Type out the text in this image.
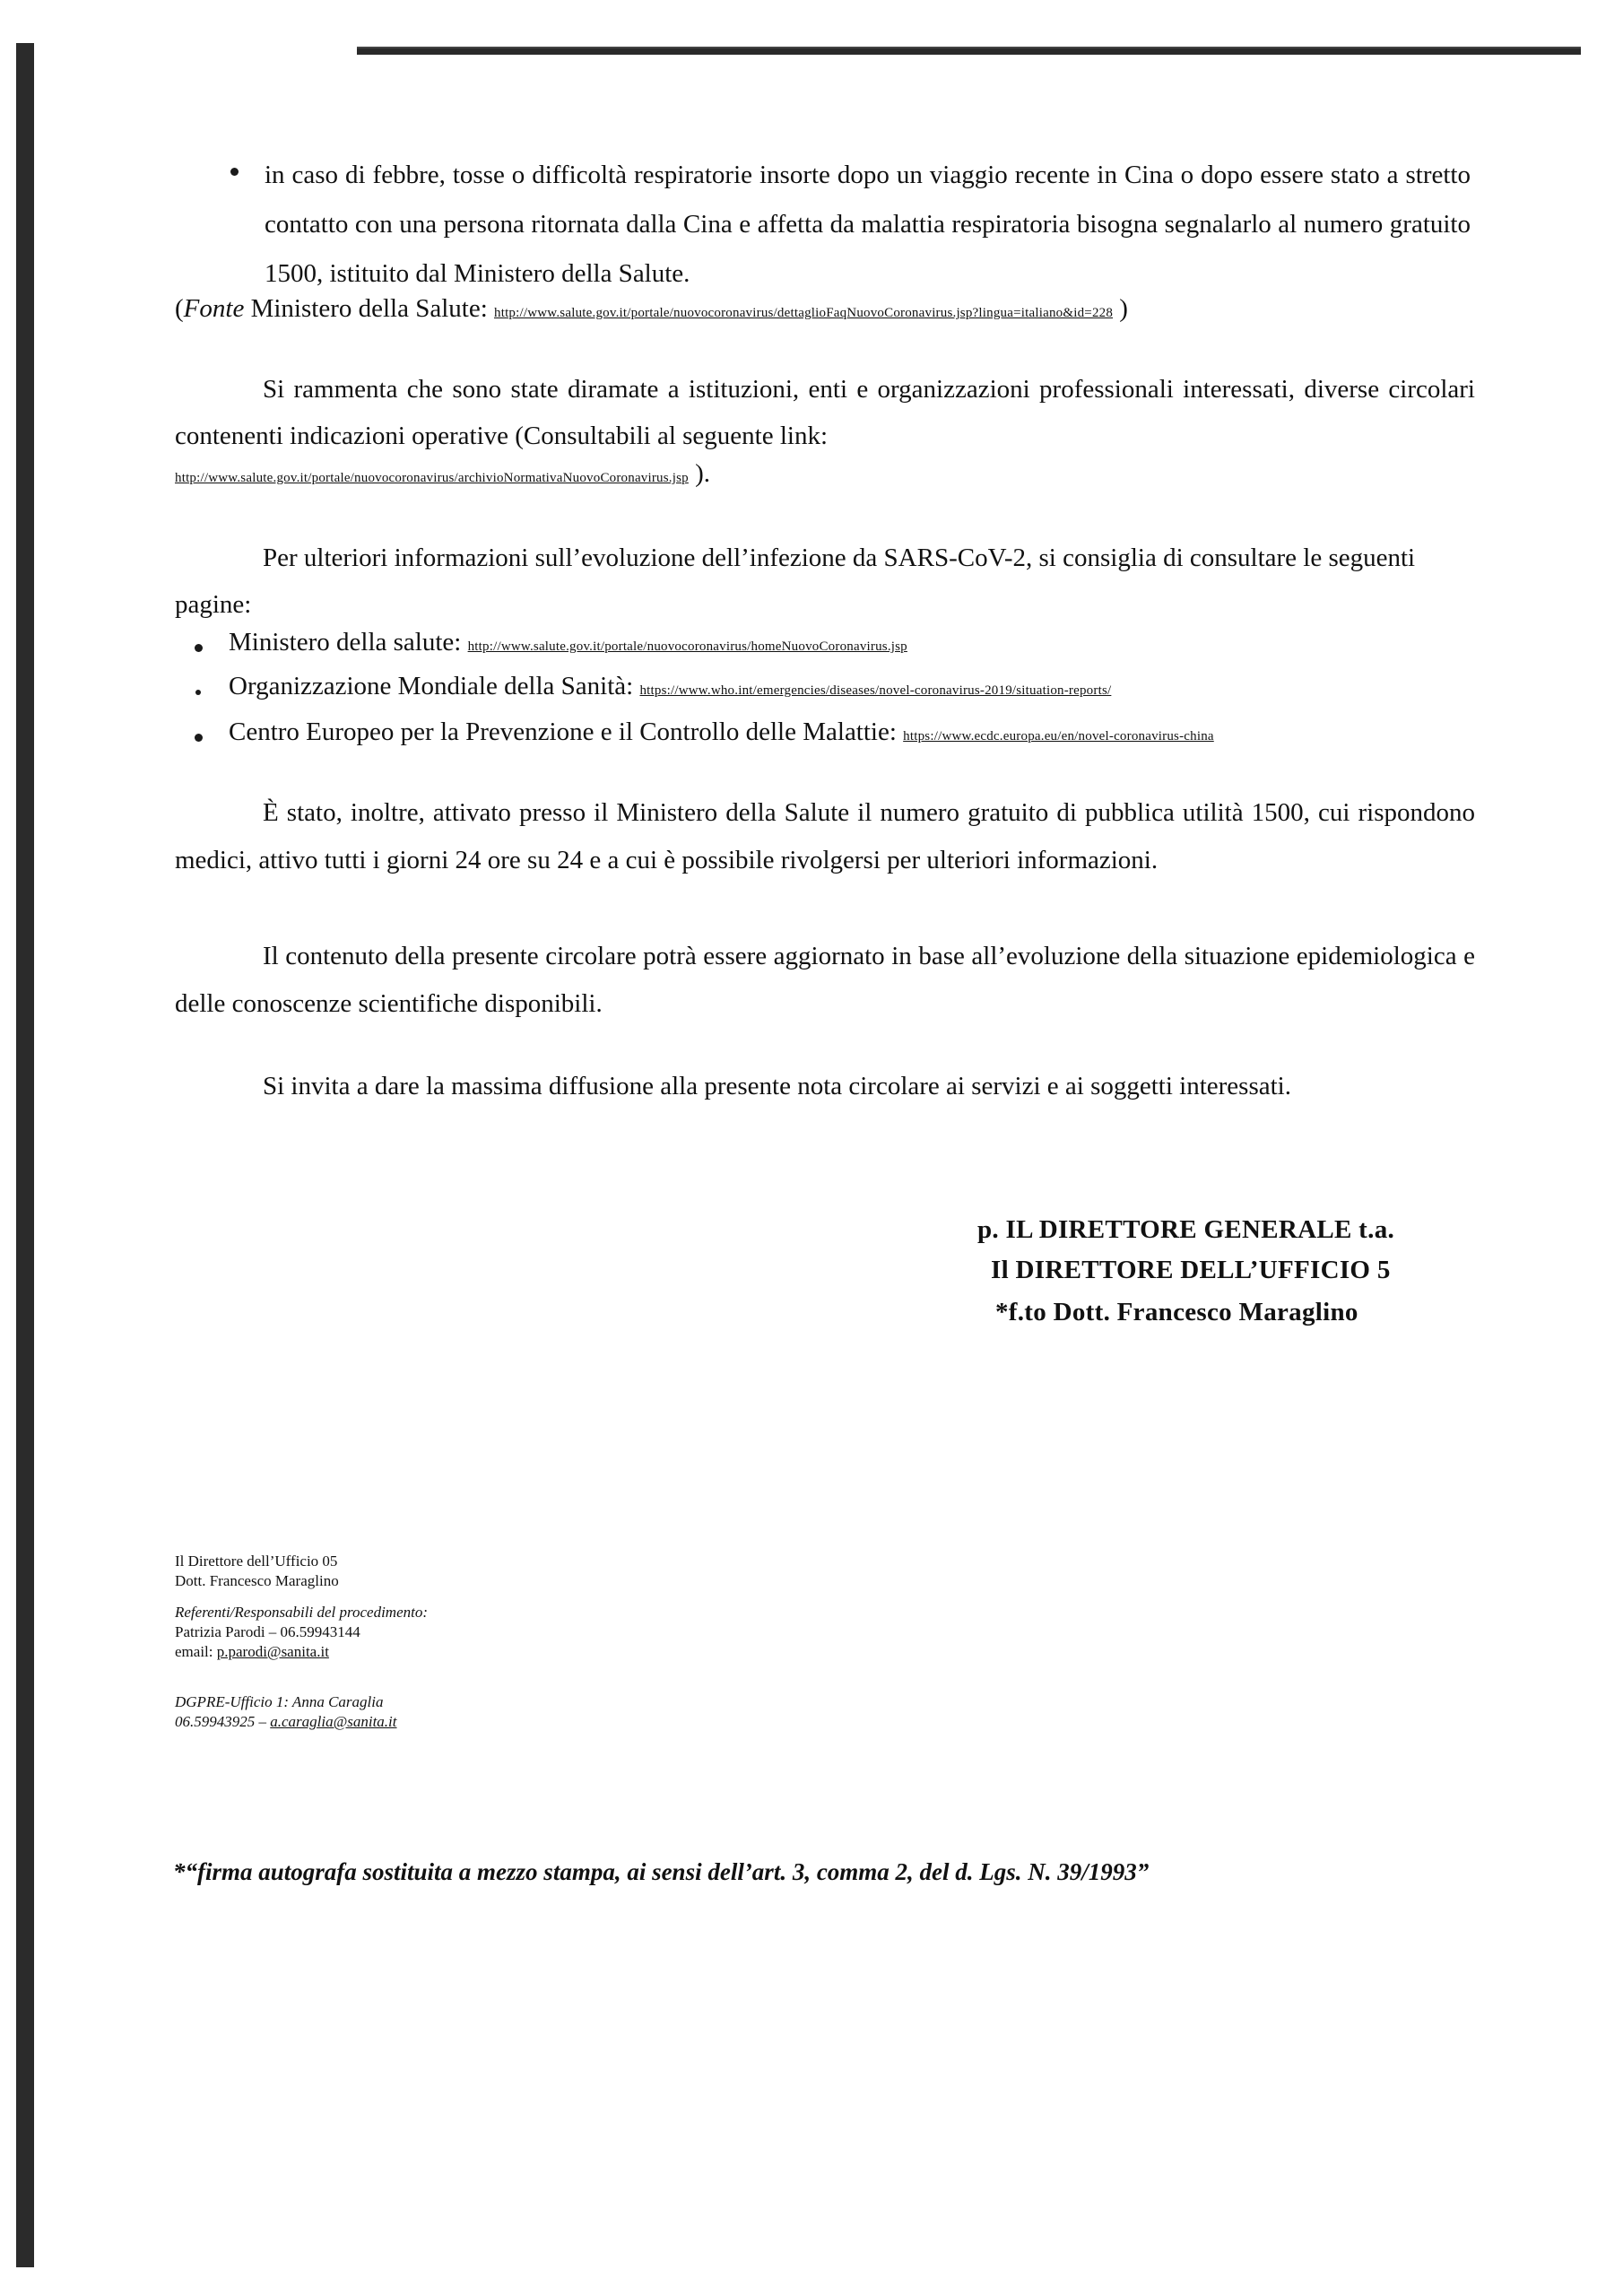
in caso di febbre, tosse o difficoltà respiratorie insorte dopo un viaggio recente in Cina o dopo essere stato a stretto contatto con una persona ritornata dalla Cina e affetta da malattia respiratoria bisogna segnalarlo al numero gratuito 1500, istituito dal Ministero della Salute.
(Fonte Ministero della Salute: http://www.salute.gov.it/portale/nuovocoronavirus/dettaglioFaqNuovoCoronavirus.jsp?lingua=italiano&id=228 )
Si rammenta che sono state diramate a istituzioni, enti e organizzazioni professionali interessati, diverse circolari contenenti indicazioni operative (Consultabili al seguente link:
http://www.salute.gov.it/portale/nuovocoronavirus/archivioNormativaNuovoCoronavirus.jsp ).
Per ulteriori informazioni sull’evoluzione dell’infezione da SARS-CoV-2, si consiglia di consultare le seguenti pagine:
Ministero della salute: http://www.salute.gov.it/portale/nuovocoronavirus/homeNuovoCoronavirus.jsp
Organizzazione Mondiale della Sanità: https://www.who.int/emergencies/diseases/novel-coronavirus-2019/situation-reports/
Centro Europeo per la Prevenzione e il Controllo delle Malattie: https://www.ecdc.europa.eu/en/novel-coronavirus-china
È stato, inoltre, attivato presso il Ministero della Salute il numero gratuito di pubblica utilità 1500, cui rispondono medici, attivo tutti i giorni 24 ore su 24 e a cui è possibile rivolgersi per ulteriori informazioni.
Il contenuto della presente circolare potrà essere aggiornato in base all’evoluzione della situazione epidemiologica e delle conoscenze scientifiche disponibili.
Si invita a dare la massima diffusione alla presente nota circolare ai servizi e ai soggetti interessati.
p. IL DIRETTORE GENERALE t.a.
Il DIRETTORE DELL’UFFICIO 5
*f.to Dott. Francesco Maraglino
Il Direttore dell’Ufficio 05
Dott. Francesco Maraglino
Referenti/Responsabili del procedimento:
Patrizia Parodi – 06.59943144
email: p.parodi@sanita.it
DGPRE-Ufficio 1: Anna Caraglia
06.59943925 – a.caraglia@sanita.it
*“firma autografa sostituita a mezzo stampa, ai sensi dell’art. 3, comma 2, del d. Lgs. N. 39/1993”
